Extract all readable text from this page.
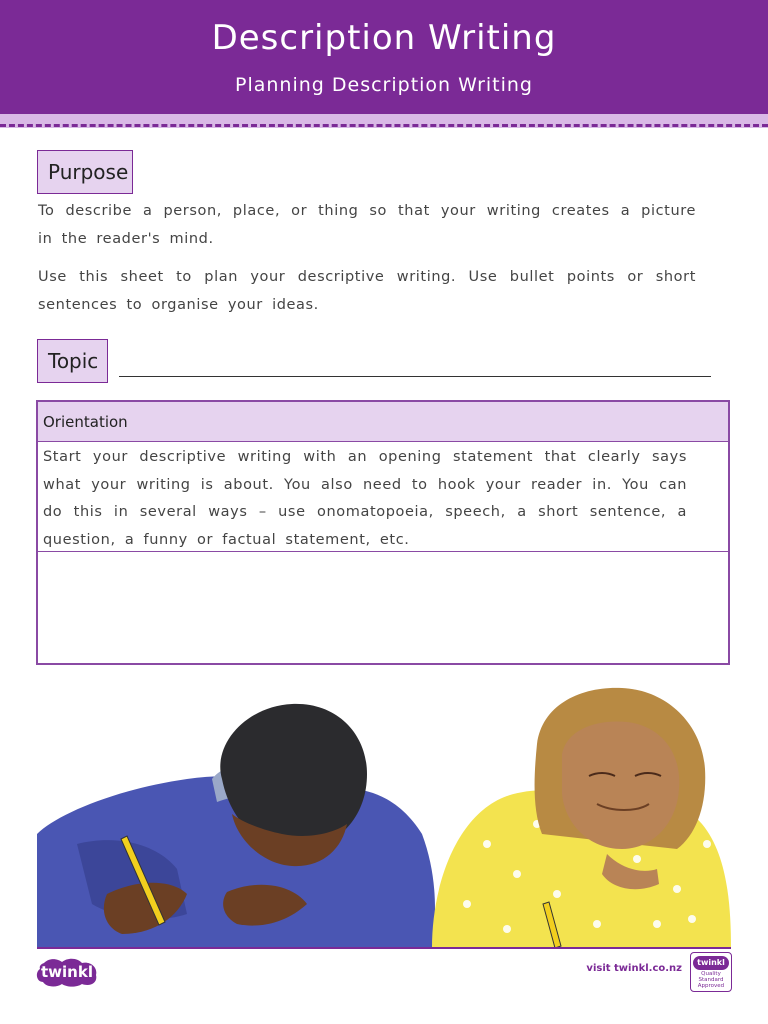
Description Writing
Planning Description Writing
Purpose
To describe a person, place, or thing so that your writing creates a picture in the reader's mind.
Use this sheet to plan your descriptive writing. Use bullet points or short sentences to organise your ideas.
Topic
Orientation
Start your descriptive writing with an opening statement that clearly says what your writing is about. You also need to hook your reader in. You can do this in several ways – use onomatopoeia, speech, a short sentence, a question, a funny or factual statement, etc.
twinkl	visit twinkl.co.nz
twinkl
Quality Standard Approved
